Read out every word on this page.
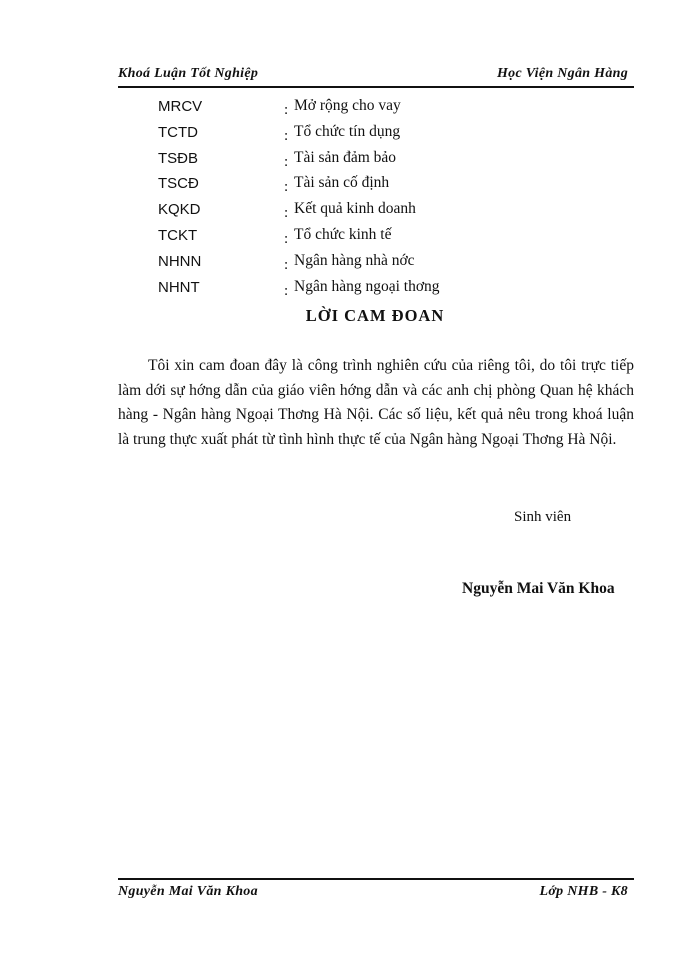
Khoá Luận Tốt Nghiệp	Học Viện Ngân Hàng
MRCV	: Mở rộng cho vay
TCTD	: Tổ chức tín dụng
TSĐB	: Tài sản đảm bảo
TSCĐ	: Tài sản cố định
KQKD	: Kết quả kinh doanh
TCKT	: Tổ chức kinh tế
NHNN	: Ngân hàng nhà nớc
NHNT	: Ngân hàng ngoại thơng
LỜI CAM ĐOAN

Tôi xin cam đoan đây là công trình nghiên cứu của riêng tôi, do tôi trực tiếp làm dới sự hớng dẫn của giáo viên hớng dẫn và các anh chị phòng Quan hệ khách hàng - Ngân hàng Ngoại Thơng Hà Nội. Các số liệu, kết quả nêu trong khoá luận là trung thực xuất phát từ tình hình thực tế của Ngân hàng Ngoại Thơng Hà Nội.

Sinh viên
Nguyễn Mai Văn Khoa
Nguyễn Mai Văn Khoa	Lớp NHB - K8
